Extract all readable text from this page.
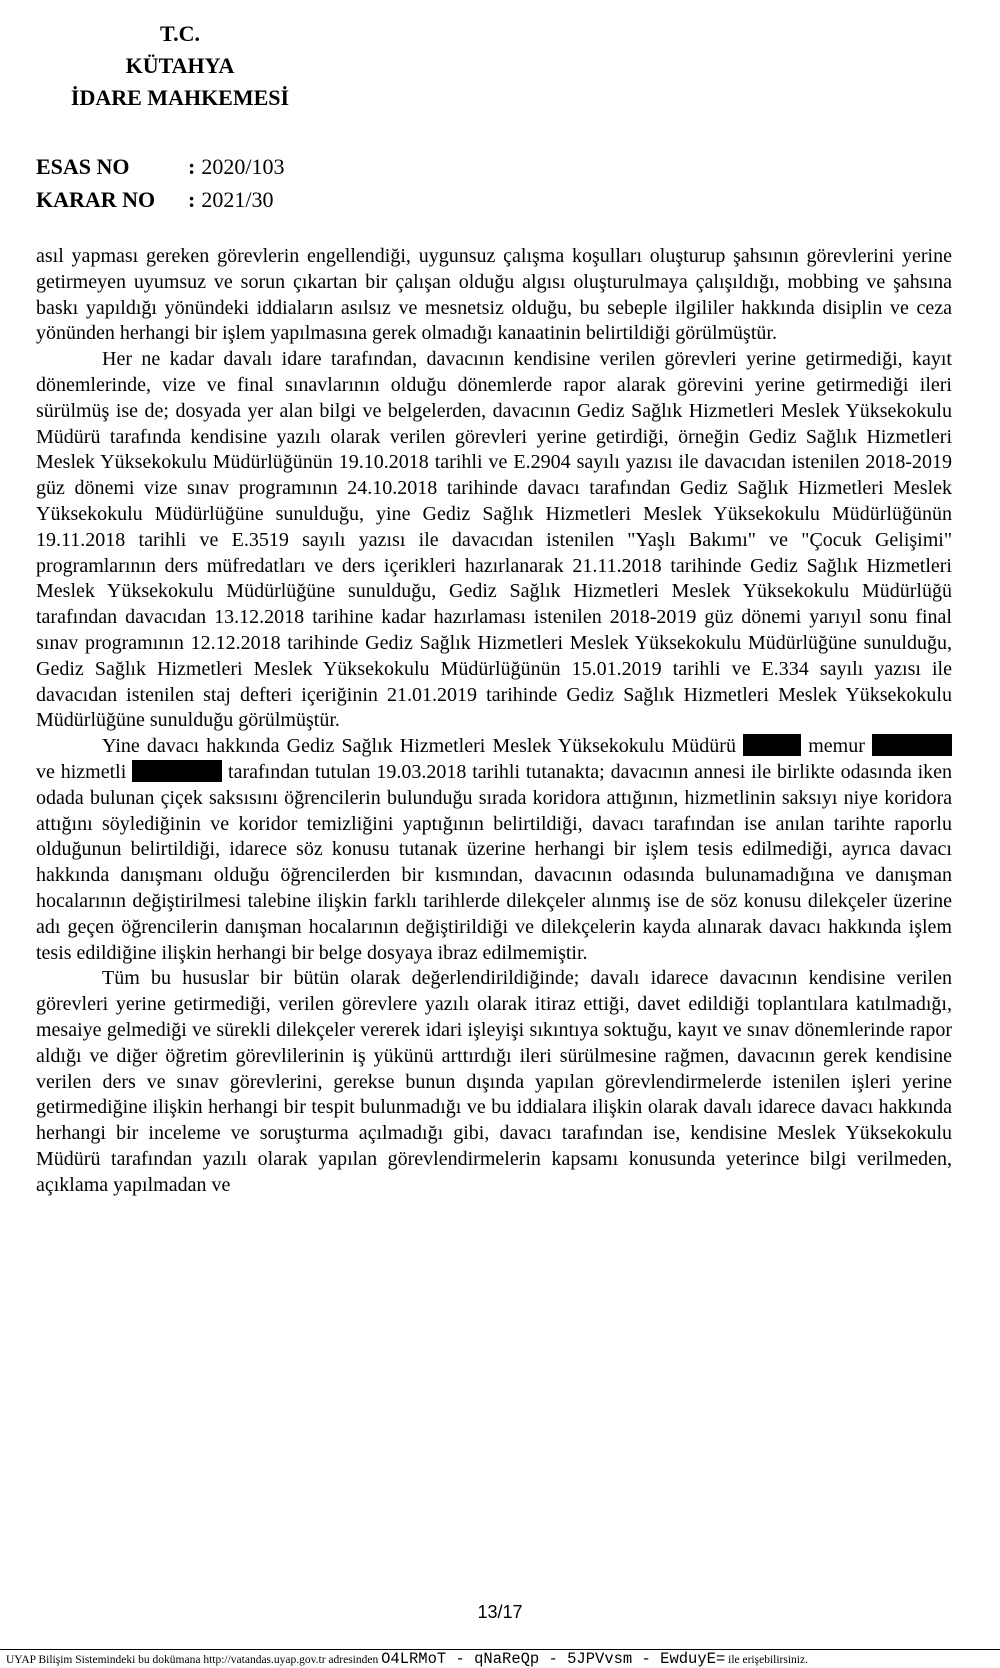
T.C.
KÜTAHYA
İDARE MAHKEMESİ
ESAS NO	: 2020/103
KARAR NO	: 2021/30

asıl yapması gereken görevlerin engellendiği, uygunsuz çalışma koşulları oluşturup şahsının görevlerini yerine getirmeyen uyumsuz ve sorun çıkartan bir çalışan olduğu algısı oluşturulmaya çalışıldığı, mobbing ve şahsına baskı yapıldığı yönündeki iddiaların asılsız ve mesnetsiz olduğu, bu sebeple ilgililer hakkında disiplin ve ceza yönünden herhangi bir işlem yapılmasına gerek olmadığı kanaatinin belirtildiği görülmüştür.

Her ne kadar davalı idare tarafından, davacının kendisine verilen görevleri yerine getirmediği, kayıt dönemlerinde, vize ve final sınavlarının olduğu dönemlerde rapor alarak görevini yerine getirmediği ileri sürülmüş ise de; dosyada yer alan bilgi ve belgelerden, davacının Gediz Sağlık Hizmetleri Meslek Yüksekokulu Müdürü tarafında kendisine yazılı olarak verilen görevleri yerine getirdiği, örneğin Gediz Sağlık Hizmetleri Meslek Yüksekokulu Müdürlüğünün 19.10.2018 tarihli ve E.2904 sayılı yazısı ile davacıdan istenilen 2018-2019 güz dönemi vize sınav programının 24.10.2018 tarihinde davacı tarafından Gediz Sağlık Hizmetleri Meslek Yüksekokulu Müdürlüğüne sunulduğu, yine Gediz Sağlık Hizmetleri Meslek Yüksekokulu Müdürlüğünün 19.11.2018 tarihli ve E.3519 sayılı yazısı ile davacıdan istenilen "Yaşlı Bakımı" ve "Çocuk Gelişimi" programlarının ders müfredatları ve ders içerikleri hazırlanarak 21.11.2018 tarihinde Gediz Sağlık Hizmetleri Meslek Yüksekokulu Müdürlüğüne sunulduğu, Gediz Sağlık Hizmetleri Meslek Yüksekokulu Müdürlüğü tarafından davacıdan 13.12.2018 tarihine kadar hazırlaması istenilen 2018-2019 güz dönemi yarıyıl sonu final sınav programının 12.12.2018 tarihinde Gediz Sağlık Hizmetleri Meslek Yüksekokulu Müdürlüğüne sunulduğu, Gediz Sağlık Hizmetleri Meslek Yüksekokulu Müdürlüğünün 15.01.2019 tarihli ve E.334 sayılı yazısı ile davacıdan istenilen staj defteri içeriğinin 21.01.2019 tarihinde Gediz Sağlık Hizmetleri Meslek Yüksekokulu Müdürlüğüne sunulduğu görülmüştür.

Yine davacı hakkında Gediz Sağlık Hizmetleri Meslek Yüksekokulu Müdürü	memur  ve hizmetli	tarafından tutulan 19.03.2018 tarihli tutanakta; davacının annesi ile birlikte odasında iken odada bulunan çiçek saksısını öğrencilerin bulunduğu sırada koridora attığının, hizmetlinin saksıyı niye koridora attığını söylediğinin ve koridor temizliğini yaptığının belirtildiği, davacı tarafından ise anılan tarihte raporlu olduğunun belirtildiği, idarece söz konusu tutanak üzerine herhangi bir işlem tesis edilmediği, ayrıca davacı hakkında danışmanı olduğu öğrencilerden bir kısmından, davacının odasında bulunamadığına ve danışman hocalarının değiştirilmesi talebine ilişkin farklı tarihlerde dilekçeler alınmış ise de söz konusu dilekçeler üzerine adı geçen öğrencilerin danışman hocalarının değiştirildiği ve dilekçelerin kayda alınarak davacı hakkında işlem tesis edildiğine ilişkin herhangi bir belge dosyaya ibraz edilmemiştir.

Tüm bu hususlar bir bütün olarak değerlendirildiğinde; davalı idarece davacının kendisine verilen görevleri yerine getirmediği, verilen görevlere yazılı olarak itiraz ettiği, davet edildiği toplantılara katılmadığı, mesaiye gelmediği ve sürekli dilekçeler vererek idari işleyişi sıkıntıya soktuğu, kayıt ve sınav dönemlerinde rapor aldığı ve diğer öğretim görevlilerinin iş yükünü arttırdığı ileri sürülmesine rağmen, davacının gerek kendisine verilen ders ve sınav görevlerini, gerekse bunun dışında yapılan görevlendirmelerde istenilen işleri yerine getirmediğine ilişkin herhangi bir tespit bulunmadığı ve bu iddialara ilişkin olarak davalı idarece davacı hakkında herhangi bir inceleme ve soruşturma açılmadığı gibi, davacı tarafından ise, kendisine Meslek Yüksekokulu Müdürü tarafından yazılı olarak yapılan görevlendirmelerin kapsamı konusunda yeterince bilgi verilmeden, açıklama yapılmadan ve

13/17
UYAP Bilişim Sistemindeki bu dokümana http://vatandas.uyap.gov.tr adresinden O4LRMoT - qNaReQp - 5JPVvsm - EwduyE= ile erişebilirsiniz.
